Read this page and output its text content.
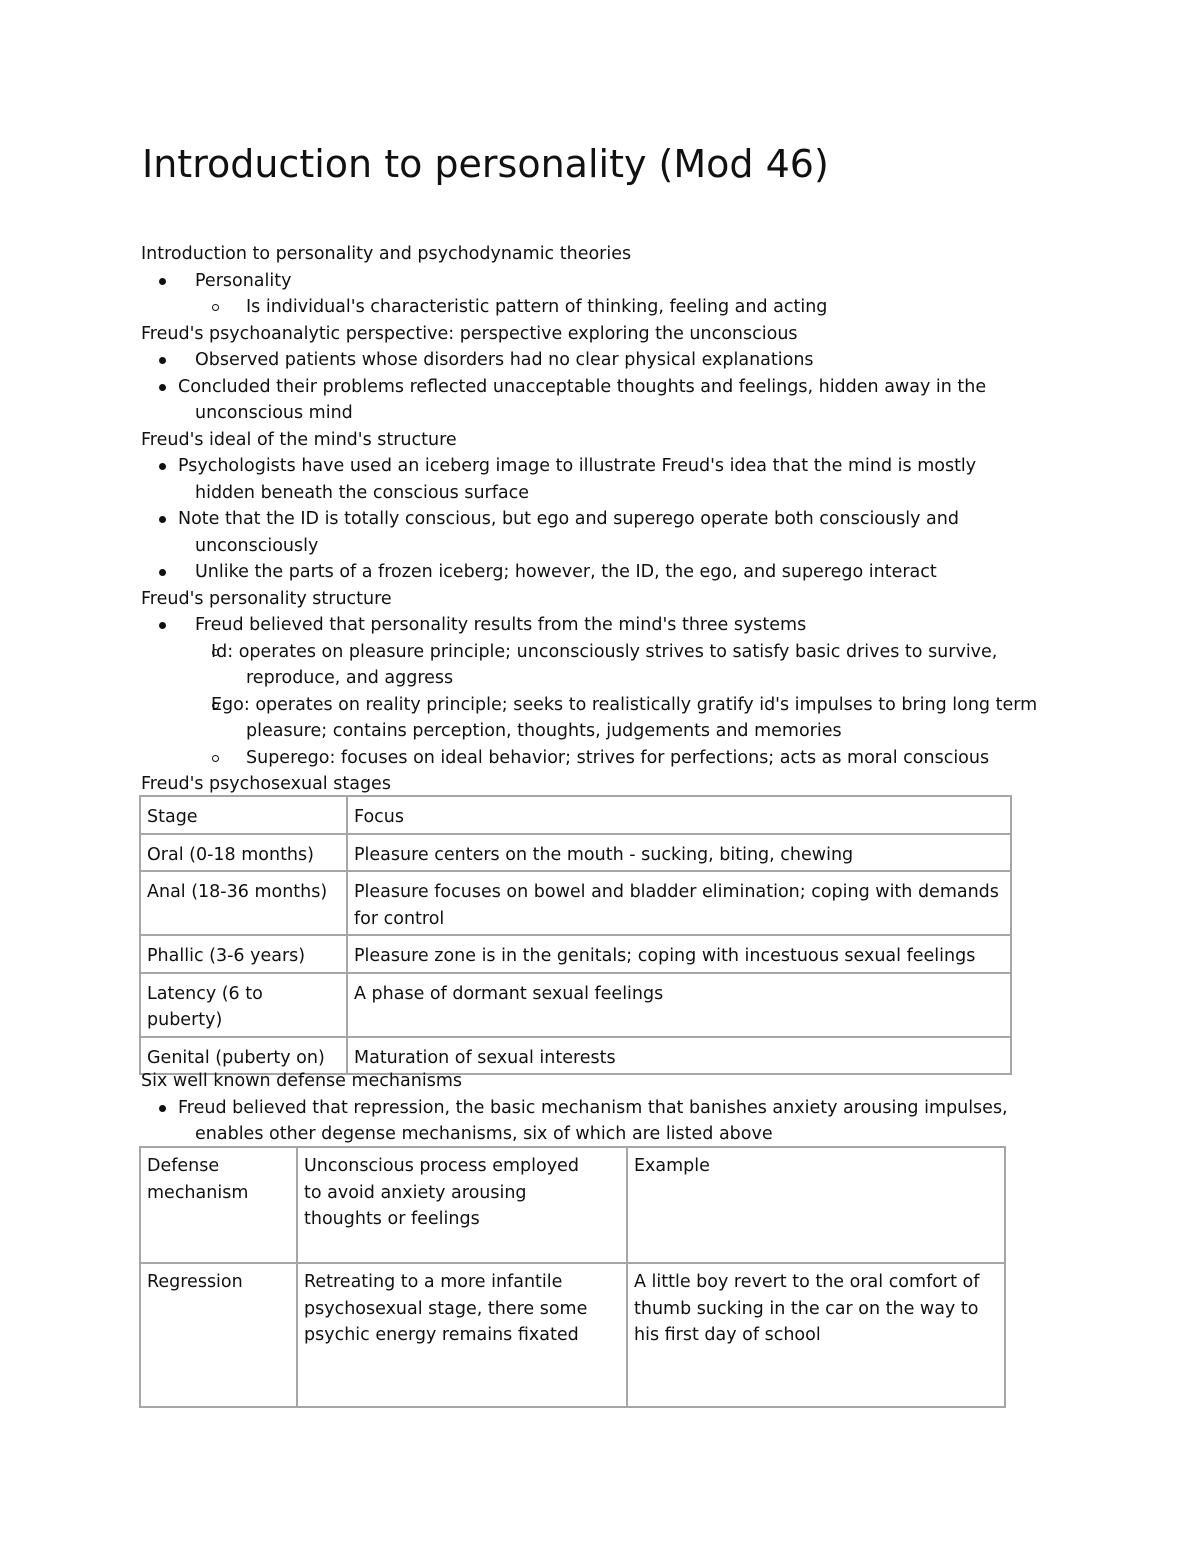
Introduction to personality (Mod 46)

Introduction to personality and psychodynamic theories

Personality
Is individual's characteristic pattern of thinking, feeling and acting

Freud's psychoanalytic perspective: perspective exploring the unconscious

Observed patients whose disorders had no clear physical explanations
Concluded their problems reflected unacceptable thoughts and feelings, hidden away in the unconscious mind

Freud's ideal of the mind's structure

Psychologists have used an iceberg image to illustrate Freud's idea that the mind is mostly hidden beneath the conscious surface
Note that the ID is totally conscious, but ego and superego operate both consciously and unconsciously
Unlike the parts of a frozen iceberg; however, the ID, the ego, and superego interact

Freud's personality structure

Freud believed that personality results from the mind's three systems
Id: operates on pleasure principle; unconsciously strives to satisfy basic drives to survive, reproduce, and aggress
Ego: operates on reality principle; seeks to realistically gratify id's impulses to bring long term pleasure; contains perception, thoughts, judgements and memories
Superego: focuses on ideal behavior; strives for perfections; acts as moral conscious

Freud's psychosexual stages

Stage	Focus
Oral (0-18 months)	Pleasure centers on the mouth - sucking, biting, chewing
Anal (18-36 months)	Pleasure focuses on bowel and bladder elimination; coping with demands for control
Phallic (3-6 years)	Pleasure zone is in the genitals; coping with incestuous sexual feelings
Latency (6 to puberty)	A phase of dormant sexual feelings
Genital (puberty on)	Maturation of sexual interests

Six well known defense mechanisms

Freud believed that repression, the basic mechanism that banishes anxiety arousing impulses, enables other degense mechanisms, six of which are listed above
Defense mechanism	Unconscious process employed to avoid anxiety arousing thoughts or feelings	Example
Regression	Retreating to a more infantile psychosexual stage, there some psychic energy remains fixated	A little boy revert to the oral comfort of thumb sucking in the car on the way to his first day of school
